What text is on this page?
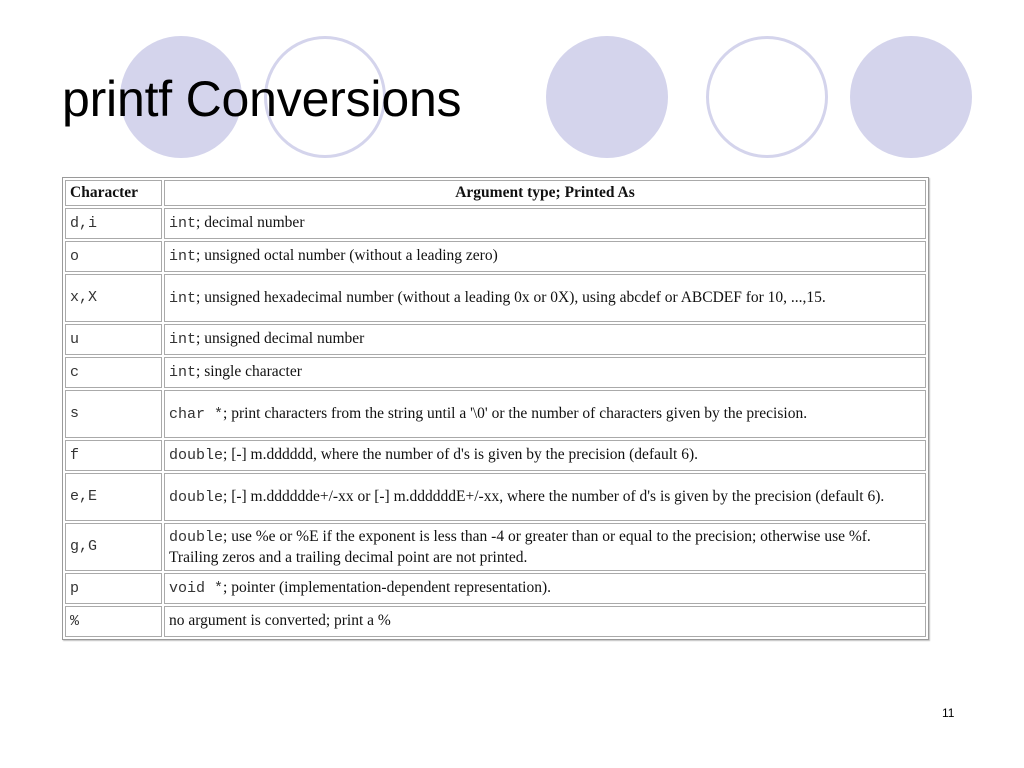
printf Conversions
Character	Argument type; Printed As
d,i	int; decimal number
o	int; unsigned octal number (without a leading zero)
x,X	int; unsigned hexadecimal number (without a leading 0x or 0X), using abcdef or ABCDEF for 10, ...,15.
u	int; unsigned decimal number
c	int; single character
s	char *; print characters from the string until a '\0' or the number of characters given by the precision.
f	double; [-] m.dddddd, where the number of d's is given by the precision (default 6).
e,E	double; [-] m.dddddde+/-xx or [-] m.ddddddE+/-xx, where the number of d's is given by the precision (default 6).
g,G	double; use %e or %E if the exponent is less than -4 or greater than or equal to the precision; otherwise use %f. Trailing zeros and a trailing decimal point are not printed.
p	void *; pointer (implementation-dependent representation).
%	no argument is converted; print a %
11
